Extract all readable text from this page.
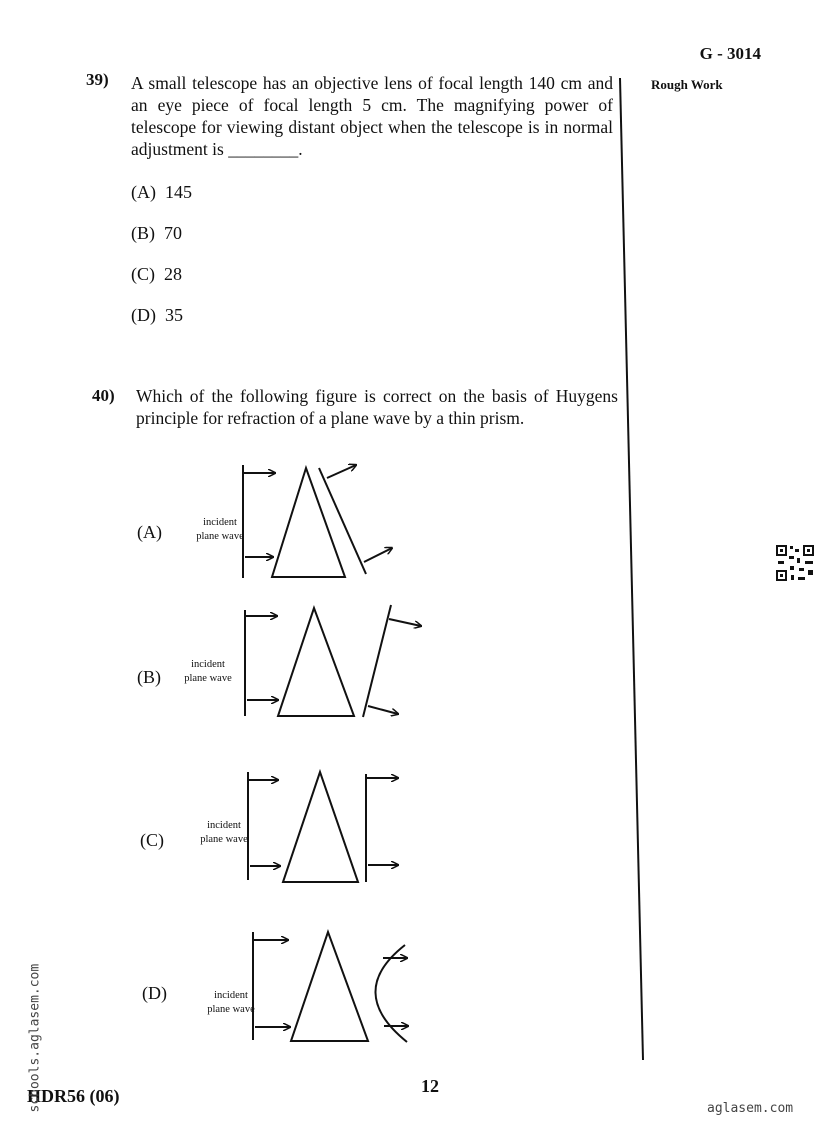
G - 3014
Rough Work
39) A small telescope has an objective lens of focal length 140 cm and an eye piece of focal length 5 cm. The magnifying power of telescope for viewing distant object when the telescope is in normal adjustment is ________.
(A) 145
(B) 70
(C) 28
(D) 35
40) Which of the following figure is correct on the basis of Huygens principle for refraction of a plane wave by a thin prism.
(A)	incident plane wave
(B)
incident plane wave
(C)
incident plane wave
(D)	incident plane wave
HDR56 (06)	12
schools.aglasem.com	aglasem.com
